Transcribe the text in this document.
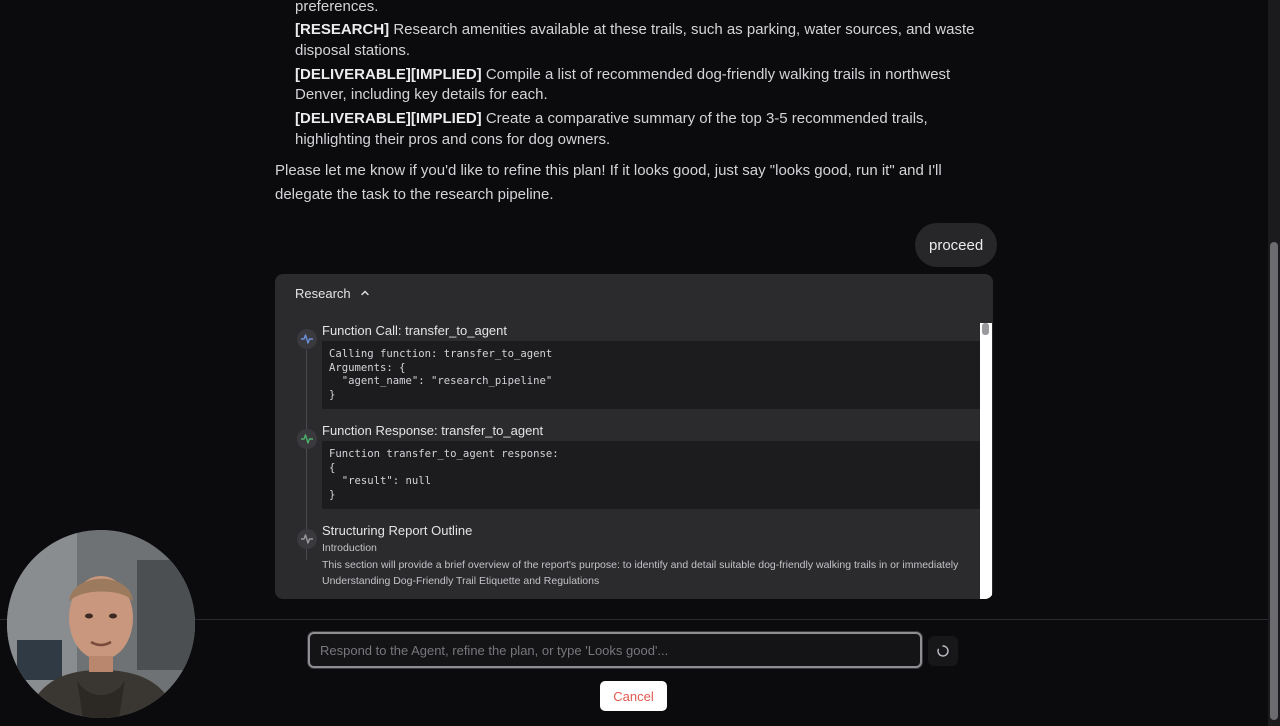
preferences.
[RESEARCH] Research amenities available at these trails, such as parking, water sources, and waste disposal stations.
[DELIVERABLE][IMPLIED] Compile a list of recommended dog-friendly walking trails in northwest Denver, including key details for each.
[DELIVERABLE][IMPLIED] Create a comparative summary of the top 3-5 recommended trails, highlighting their pros and cons for dog owners.
Please let me know if you'd like to refine this plan! If it looks good, just say "looks good, run it" and I'll delegate the task to the research pipeline.
proceed
Research
Function Call: transfer_to_agent
Calling function: transfer_to_agent
Arguments: {
"agent_name": "research_pipeline"
}
Function Response: transfer_to_agent
Function transfer_to_agent response:
{
"result": null
}
Structuring Report Outline
Introduction
This section will provide a brief overview of the report's purpose: to identify and detail suitable dog-friendly walking trails in or immediately
Understanding Dog-Friendly Trail Etiquette and Regulations
Respond to the Agent, refine the plan, or type 'Looks good'...
Cancel
